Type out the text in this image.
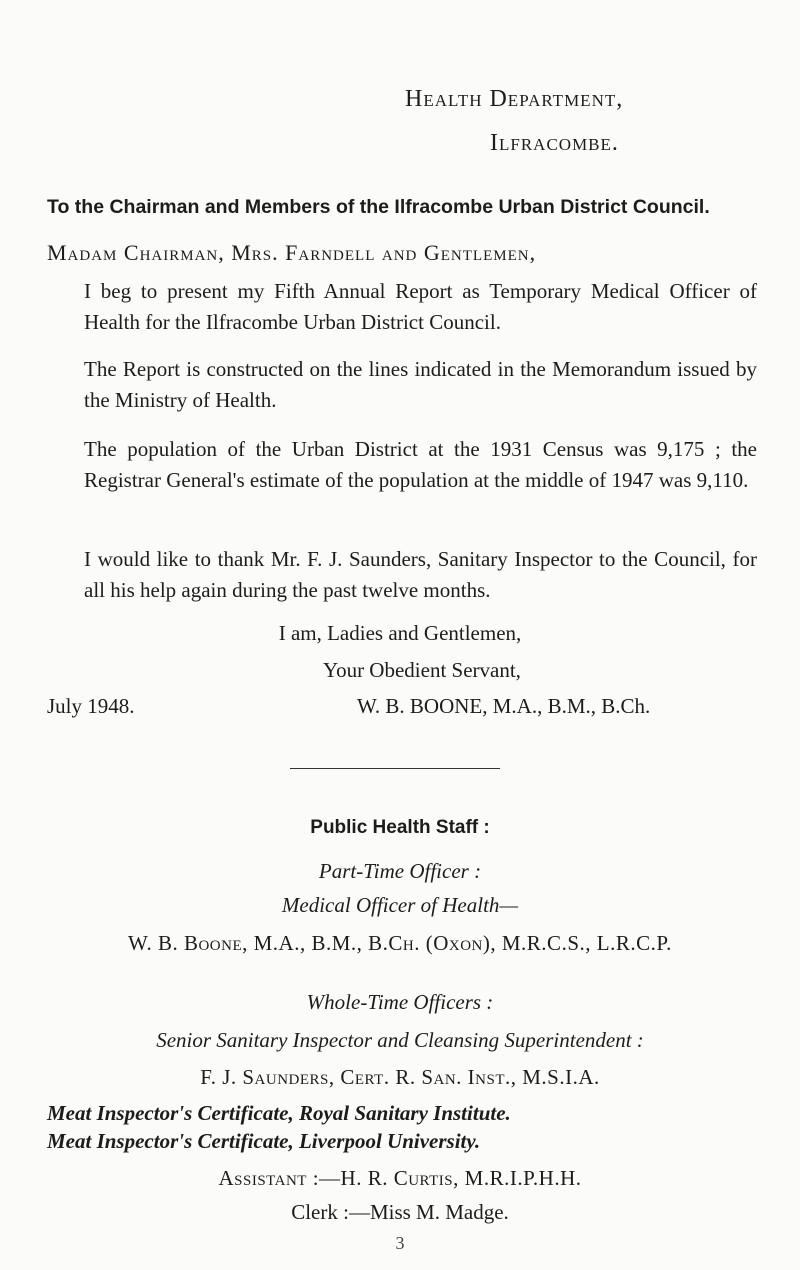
Health Department,
Ilfracombe.
To the Chairman and Members of the Ilfracombe Urban District Council.
Madam Chairman, Mrs. Farndell and Gentlemen,
I beg to present my Fifth Annual Report as Temporary Medical Officer of Health for the Ilfracombe Urban District Council.
The Report is constructed on the lines indicated in the Memorandum issued by the Ministry of Health.
The population of the Urban District at the 1931 Census was 9,175 ; the Registrar General's estimate of the population at the middle of 1947 was 9,110.
I would like to thank Mr. F. J. Saunders, Sanitary Inspector to the Council, for all his help again during the past twelve months.
I am, Ladies and Gentlemen,
Your Obedient Servant,
July 1948.	W. B. BOONE, M.A., B.M., B.Ch.
Public Health Staff :
Part-Time Officer :
Medical Officer of Health—
W. B. Boone, M.A., B.M., B.Ch. (Oxon), M.R.C.S., L.R.C.P.
Whole-Time Officers :
Senior Sanitary Inspector and Cleansing Superintendent :
F. J. Saunders, Cert. R. San. Inst., M.S.I.A.
Meat Inspector's Certificate, Royal Sanitary Institute.
Meat Inspector's Certificate, Liverpool University.
Assistant :—H. R. Curtis, M.R.I.P.H.H.
Clerk :—Miss M. Madge.
3
